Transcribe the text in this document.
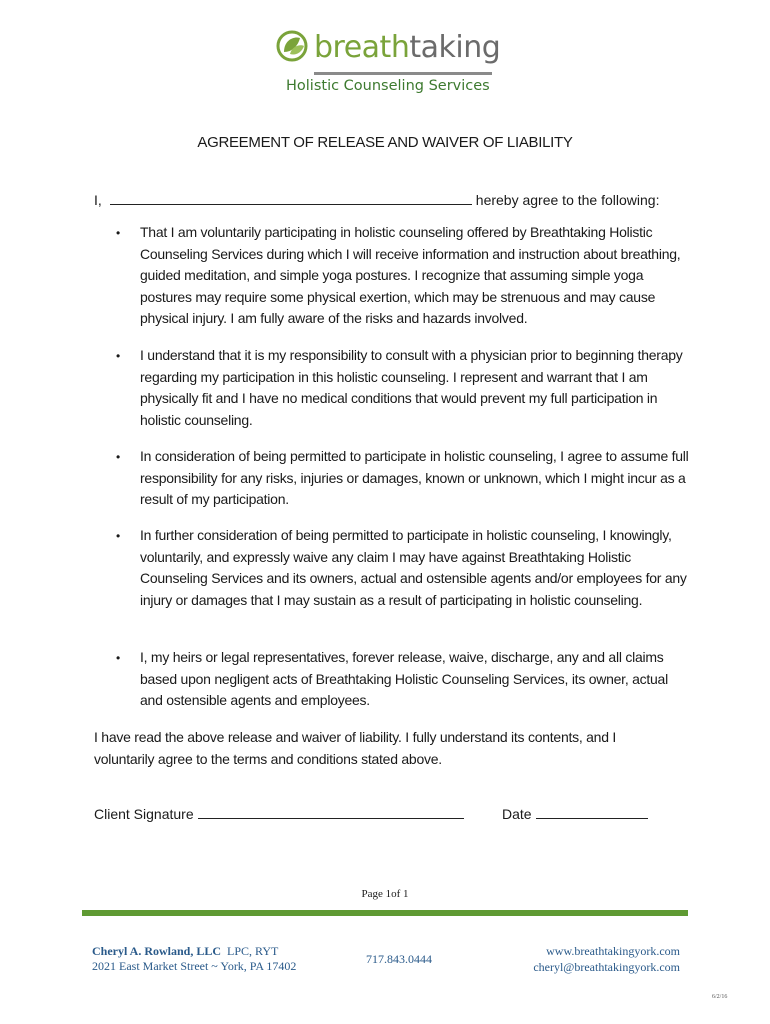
breathtaking
Holistic Counseling Services
AGREEMENT OF RELEASE AND WAIVER OF LIABILITY
I,	hereby agree to the following:
• That I am voluntarily participating in holistic counseling offered by Breathtaking Holistic Counseling Services during which I will receive information and instruction about breathing, guided meditation, and simple yoga postures. I recognize that assuming simple yoga postures may require some physical exertion, which may be strenuous and may cause physical injury. I am fully aware of the risks and hazards involved.
• I understand that it is my responsibility to consult with a physician prior to beginning therapy regarding my participation in this holistic counseling. I represent and warrant that I am physically fit and I have no medical conditions that would prevent my full participation in holistic counseling.
• In consideration of being permitted to participate in holistic counseling, I agree to assume full responsibility for any risks, injuries or damages, known or unknown, which I might incur as a result of my participation.
• In further consideration of being permitted to participate in holistic counseling, I knowingly, voluntarily, and expressly waive any claim I may have against Breathtaking Holistic Counseling Services and its owners, actual and ostensible agents and/or employees for any injury or damages that I may sustain as a result of participating in holistic counseling.
• I, my heirs or legal representatives, forever release, waive, discharge, any and all claims based upon negligent acts of Breathtaking Holistic Counseling Services, its owner, actual and ostensible agents and employees.
I have read the above release and waiver of liability. I fully understand its contents, and I voluntarily agree to the terms and conditions stated above.
Client Signature	Date
Page 1of 1
Cheryl A. Rowland, LLC LPC, RYT
2021 East Market Street ~ York, PA 17402	717.843.0444
www.breathtakingyork.com
cheryl@breathtakingyork.com
6/2/16
